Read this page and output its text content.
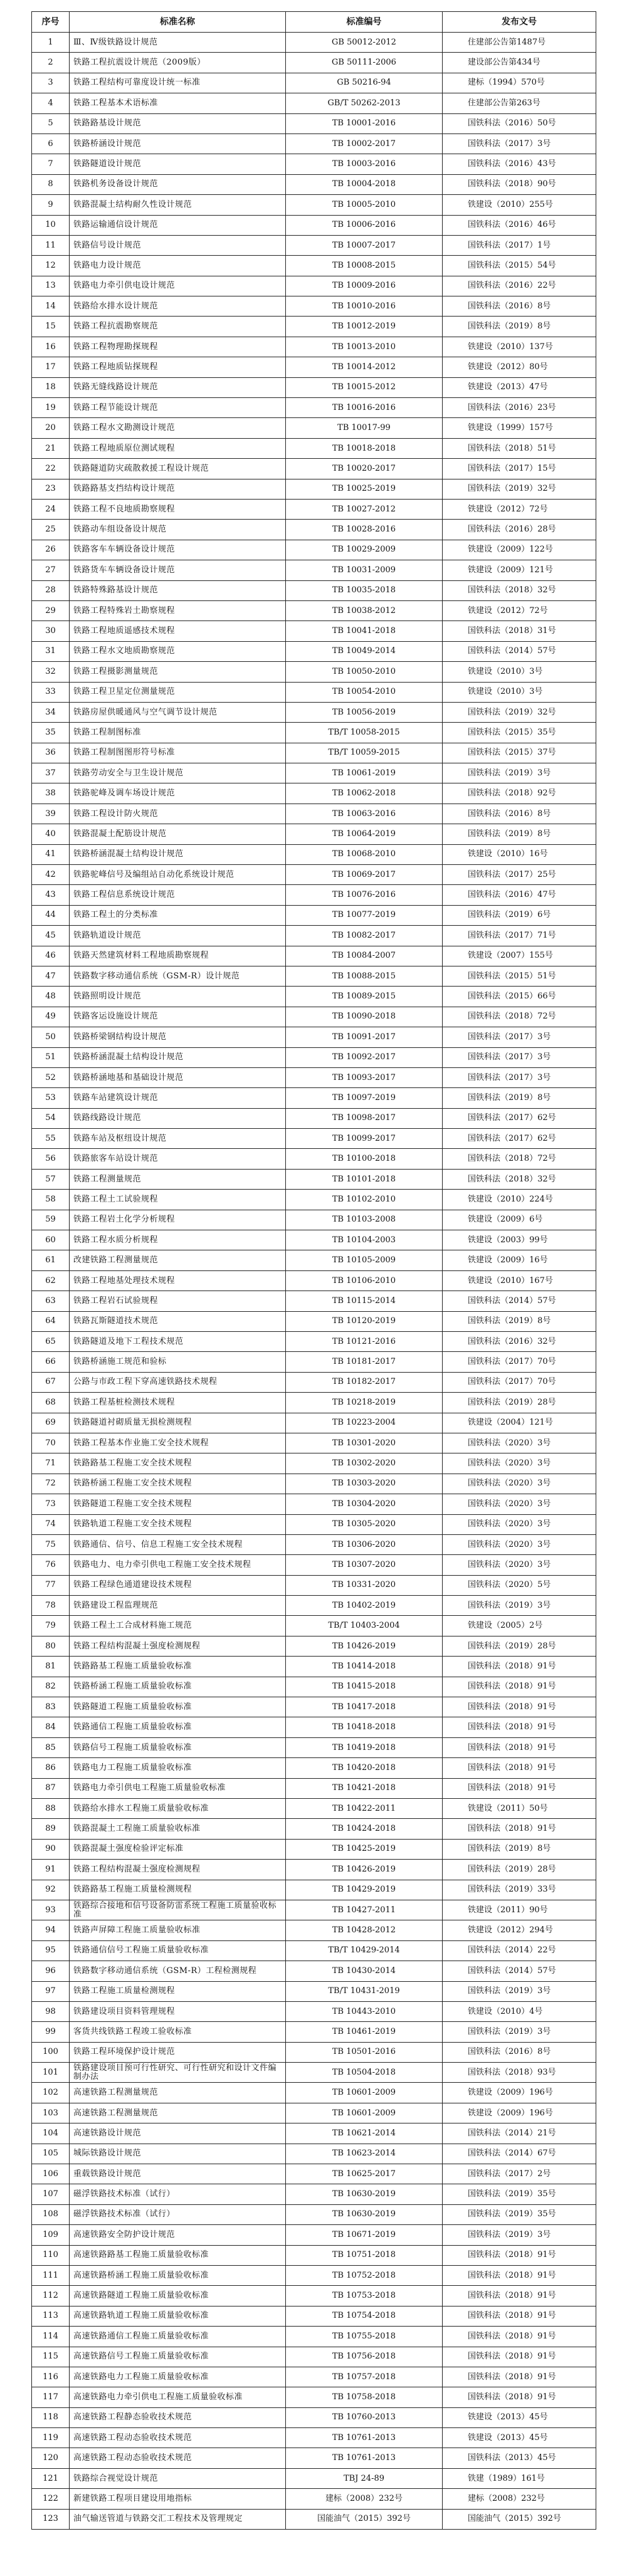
序号	标准名称	标准编号	发布文号
1	Ⅲ、Ⅳ级铁路设计规范	GB 50012-2012	住建部公告第1487号
2	铁路工程抗震设计规范（2009版）	GB 50111-2006	建设部公告第434号
3	铁路工程结构可靠度设计统一标准	GB 50216-94	建标（1994）570号
4	铁路工程基本术语标准	GB/T 50262-2013	住建部公告第263号
5	铁路路基设计规范	TB 10001-2016	国铁科法（2016）50号
6	铁路桥涵设计规范	TB 10002-2017	国铁科法（2017）3号
7	铁路隧道设计规范	TB 10003-2016	国铁科法（2016）43号
8	铁路机务设备设计规范	TB 10004-2018	国铁科法（2018）90号
9	铁路混凝土结构耐久性设计规范	TB 10005-2010	铁建设（2010）255号
10	铁路运输通信设计规范	TB 10006-2016	国铁科法（2016）46号
11	铁路信号设计规范	TB 10007-2017	国铁科法（2017）1号
12	铁路电力设计规范	TB 10008-2015	国铁科法（2015）54号
13	铁路电力牵引供电设计规范	TB 10009-2016	国铁科法（2016）22号
14	铁路给水排水设计规范	TB 10010-2016	国铁科法（2016）8号
15	铁路工程抗震勘察规范	TB 10012-2019	国铁科法（2019）8号
16	铁路工程物理勘探规程	TB 10013-2010	铁建设（2010）137号
17	铁路工程地质钻探规程	TB 10014-2012	铁建设（2012）80号
18	铁路无缝线路设计规范	TB 10015-2012	铁建设（2013）47号
19	铁路工程节能设计规范	TB 10016-2016	国铁科法（2016）23号
20	铁路工程水文勘测设计规范	TB 10017-99	铁建设（1999）157号
21	铁路工程地质原位测试规程	TB 10018-2018	国铁科法（2018）51号
22	铁路隧道防灾疏散救援工程设计规范	TB 10020-2017	国铁科法（2017）15号
23	铁路路基支挡结构设计规范	TB 10025-2019	国铁科法（2019）32号
24	铁路工程不良地质勘察规程	TB 10027-2012	铁建设（2012）72号
25	铁路动车组设备设计规范	TB 10028-2016	国铁科法（2016）28号
26	铁路客车车辆设备设计规范	TB 10029-2009	铁建设（2009）122号
27	铁路货车车辆设备设计规范	TB 10031-2009	铁建设（2009）121号
28	铁路特殊路基设计规范	TB 10035-2018	国铁科法（2018）32号
29	铁路工程特殊岩土勘察规程	TB 10038-2012	铁建设（2012）72号
30	铁路工程地质遥感技术规程	TB 10041-2018	国铁科法（2018）31号
31	铁路工程水文地质勘察规范	TB 10049-2014	国铁科法（2014）57号
32	铁路工程摄影测量规范	TB 10050-2010	铁建设（2010）3号
33	铁路工程卫星定位测量规范	TB 10054-2010	铁建设（2010）3号
34	铁路房屋供暖通风与空气调节设计规范	TB 10056-2019	国铁科法（2019）32号
35	铁路工程制图标准	TB/T 10058-2015	国铁科法（2015）35号
36	铁路工程制图图形符号标准	TB/T 10059-2015	国铁科法（2015）37号
37	铁路劳动安全与卫生设计规范	TB 10061-2019	国铁科法（2019）3号
38	铁路驼峰及调车场设计规范	TB 10062-2018	国铁科法（2018）92号
39	铁路工程设计防火规范	TB 10063-2016	国铁科法（2016）8号
40	铁路混凝土配筋设计规范	TB 10064-2019	国铁科法（2019）8号
41	铁路桥涵混凝土结构设计规范	TB 10068-2010	铁建设（2010）16号
42	铁路驼峰信号及编组站自动化系统设计规范	TB 10069-2017	国铁科法（2017）25号
43	铁路工程信息系统设计规范	TB 10076-2016	国铁科法（2016）47号
44	铁路工程土的分类标准	TB 10077-2019	国铁科法（2019）6号
45	铁路轨道设计规范	TB 10082-2017	国铁科法（2017）71号
46	铁路天然建筑材料工程地质勘察规程	TB 10084-2007	铁建设（2007）155号
47	铁路数字移动通信系统（GSM-R）设计规范	TB 10088-2015	国铁科法（2015）51号
48	铁路照明设计规范	TB 10089-2015	国铁科法（2015）66号
49	铁路客运设施设计规范	TB 10090-2018	国铁科法（2018）72号
50	铁路桥梁钢结构设计规范	TB 10091-2017	国铁科法（2017）3号
51	铁路桥涵混凝土结构设计规范	TB 10092-2017	国铁科法（2017）3号
52	铁路桥涵地基和基础设计规范	TB 10093-2017	国铁科法（2017）3号
53	铁路车站建筑设计规范	TB 10097-2019	国铁科法（2019）8号
54	铁路线路设计规范	TB 10098-2017	国铁科法（2017）62号
55	铁路车站及枢纽设计规范	TB 10099-2017	国铁科法（2017）62号
56	铁路旅客车站设计规范	TB 10100-2018	国铁科法（2018）72号
57	铁路工程测量规范	TB 10101-2018	国铁科法（2018）32号
58	铁路工程土工试验规程	TB 10102-2010	铁建设（2010）224号
59	铁路工程岩土化学分析规程	TB 10103-2008	铁建设（2009）6号
60	铁路工程水质分析规程	TB 10104-2003	铁建设（2003）99号
61	改建铁路工程测量规范	TB 10105-2009	铁建设（2009）16号
62	铁路工程地基处理技术规程	TB 10106-2010	铁建设（2010）167号
63	铁路工程岩石试验规程	TB 10115-2014	国铁科法（2014）57号
64	铁路瓦斯隧道技术规范	TB 10120-2019	国铁科法（2019）8号
65	铁路隧道及地下工程技术规范	TB 10121-2016	国铁科法（2016）32号
66	铁路桥涵施工规范和验标	TB 10181-2017	国铁科法（2017）70号
67	公路与市政工程下穿高速铁路技术规程	TB 10182-2017	国铁科法（2017）70号
68	铁路工程基桩检测技术规程	TB 10218-2019	国铁科法（2019）28号
69	铁路隧道衬砌质量无损检测规程	TB 10223-2004	铁建设（2004）121号
70	铁路工程基本作业施工安全技术规程	TB 10301-2020	国铁科法（2020）3号
71	铁路路基工程施工安全技术规程	TB 10302-2020	国铁科法（2020）3号
72	铁路桥涵工程施工安全技术规程	TB 10303-2020	国铁科法（2020）3号
73	铁路隧道工程施工安全技术规程	TB 10304-2020	国铁科法（2020）3号
74	铁路轨道工程施工安全技术规程	TB 10305-2020	国铁科法（2020）3号
75	铁路通信、信号、信息工程施工安全技术规程	TB 10306-2020	国铁科法（2020）3号
76	铁路电力、电力牵引供电工程施工安全技术规程	TB 10307-2020	国铁科法（2020）3号
77	铁路工程绿色通道建设技术规程	TB 10331-2020	国铁科法（2020）5号
78	铁路建设工程监理规范	TB 10402-2019	国铁科法（2019）3号
79	铁路工程土工合成材料施工规范	TB/T 10403-2004	铁建设（2005）2号
80	铁路工程结构混凝土强度检测规程	TB 10426-2019	国铁科法（2019）28号
81	铁路路基工程施工质量验收标准	TB 10414-2018	国铁科法（2018）91号
82	铁路桥涵工程施工质量验收标准	TB 10415-2018	国铁科法（2018）91号
83	铁路隧道工程施工质量验收标准	TB 10417-2018	国铁科法（2018）91号
84	铁路通信工程施工质量验收标准	TB 10418-2018	国铁科法（2018）91号
85	铁路信号工程施工质量验收标准	TB 10419-2018	国铁科法（2018）91号
86	铁路电力工程施工质量验收标准	TB 10420-2018	国铁科法（2018）91号
87	铁路电力牵引供电工程施工质量验收标准	TB 10421-2018	国铁科法（2018）91号
88	铁路给水排水工程施工质量验收标准	TB 10422-2011	铁建设（2011）50号
89	铁路混凝土工程施工质量验收标准	TB 10424-2018	国铁科法（2018）91号
90	铁路混凝土强度检验评定标准	TB 10425-2019	国铁科法（2019）8号
91	铁路工程结构混凝土强度检测规程	TB 10426-2019	国铁科法（2019）28号
92	铁路路基工程施工质量检测规程	TB 10429-2019	国铁科法（2019）33号
93	铁路综合接地和信号设备防雷系统工程施工质量验收标准	TB 10427-2011	铁建设（2011）90号
94	铁路声屏障工程施工质量验收标准	TB 10428-2012	铁建设（2012）294号
95	铁路通信信号工程施工质量验收标准	TB/T 10429-2014	国铁科法（2014）22号
96	铁路数字移动通信系统（GSM-R）工程检测规程	TB 10430-2014	国铁科法（2014）57号
97	铁路工程施工质量检测规程	TB/T 10431-2019	国铁科法（2019）3号
98	铁路建设项目资料管理规程	TB 10443-2010	铁建设（2010）4号
99	客货共线铁路工程竣工验收标准	TB 10461-2019	国铁科法（2019）3号
100	铁路工程环境保护设计规范	TB 10501-2016	国铁科法（2016）8号
101	铁路建设项目预可行性研究、可行性研究和设计文件编制办法	TB 10504-2018	国铁科法（2018）93号
102	高速铁路工程测量规范	TB 10601-2009	铁建设（2009）196号
103	高速铁路工程测量规范	TB 10601-2009	铁建设（2009）196号
104	高速铁路设计规范	TB 10621-2014	国铁科法（2014）21号
105	城际铁路设计规范	TB 10623-2014	国铁科法（2014）67号
106	重载铁路设计规范	TB 10625-2017	国铁科法（2017）2号
107	磁浮铁路技术标准（试行）	TB 10630-2019	国铁科法（2019）35号
108	磁浮铁路技术标准（试行）	TB 10630-2019	国铁科法（2019）35号
109	高速铁路安全防护设计规范	TB 10671-2019	国铁科法（2019）3号
110	高速铁路路基工程施工质量验收标准	TB 10751-2018	国铁科法（2018）91号
111	高速铁路桥涵工程施工质量验收标准	TB 10752-2018	国铁科法（2018）91号
112	高速铁路隧道工程施工质量验收标准	TB 10753-2018	国铁科法（2018）91号
113	高速铁路轨道工程施工质量验收标准	TB 10754-2018	国铁科法（2018）91号
114	高速铁路通信工程施工质量验收标准	TB 10755-2018	国铁科法（2018）91号
115	高速铁路信号工程施工质量验收标准	TB 10756-2018	国铁科法（2018）91号
116	高速铁路电力工程施工质量验收标准	TB 10757-2018	国铁科法（2018）91号
117	高速铁路电力牵引供电工程施工质量验收标准	TB 10758-2018	国铁科法（2018）91号
118	高速铁路工程静态验收技术规范	TB 10760-2013	铁建设（2013）45号
119	高速铁路工程动态验收技术规范	TB 10761-2013	铁建设（2013）45号
120	高速铁路工程动态验收技术规范	TB 10761-2013	国铁科法（2013）45号
121	铁路综合视觉设计规范	TBJ 24-89	铁建（1989）161号
122	新建铁路工程项目建设用地指标	建标（2008）232号	建标（2008）232号
123	油气输送管道与铁路交汇工程技术及管理规定	国能油气（2015）392号	国能油气（2015）392号
